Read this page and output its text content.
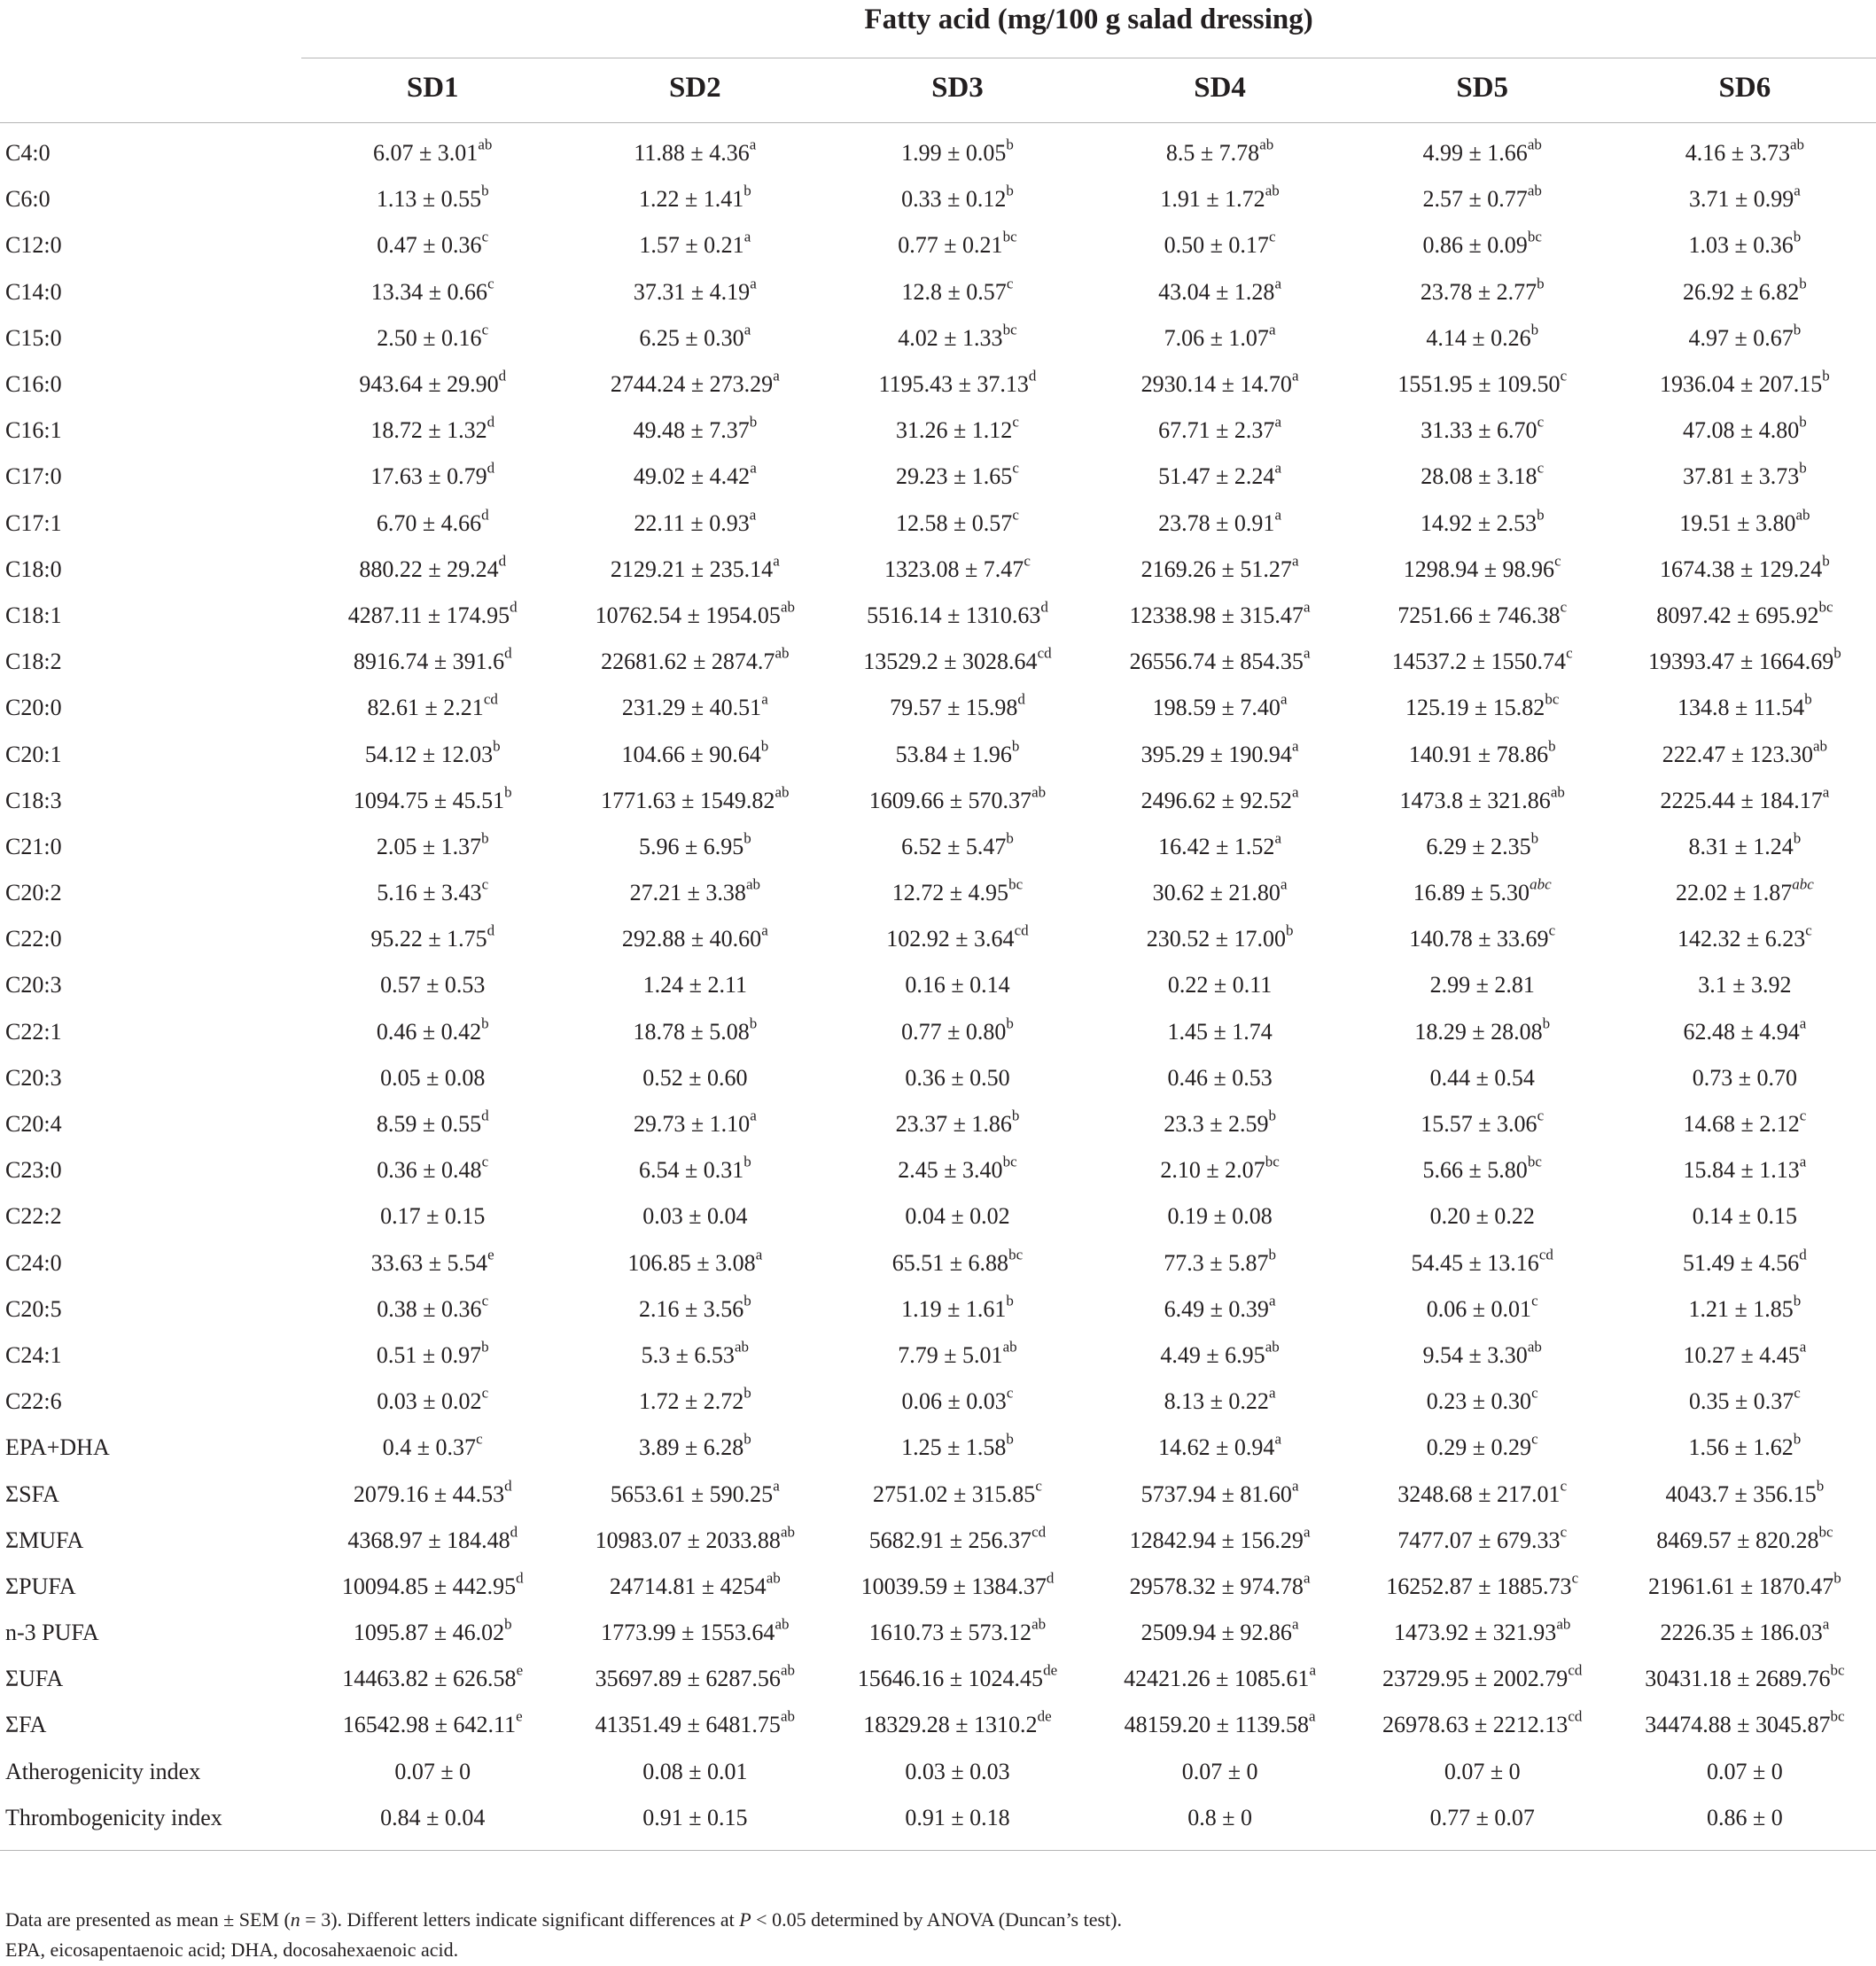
	Fatty acid (mg/100 g salad dressing)					

	SD1	SD2	SD3	SD4	SD5	SD6
C4:0	6.07 ± 3.01$^{ab}$	11.88 ± 4.36$^a$	1.99 ± 0.05$^b$	8.5 ± 7.78$^{ab}$	4.99 ± 1.66$^{ab}$	4.16 ± 3.73$^{ab}$
C6:0	1.13 ± 0.55$^b$	1.22 ± 1.41$^b$	0.33 ± 0.12$^b$	1.91 ± 1.72$^{ab}$	2.57 ± 0.77$^{ab}$	3.71 ± 0.99$^a$
C12:0	0.47 ± 0.36$^c$	1.57 ± 0.21$^a$	0.77 ± 0.21$^{bc}$	0.50 ± 0.17$^c$	0.86 ± 0.09$^{bc}$	1.03 ± 0.36$^b$
C14:0	13.34 ± 0.66$^c$	37.31 ± 4.19$^a$	12.8 ± 0.57$^c$	43.04 ± 1.28$^a$	23.78 ± 2.77$^b$	26.92 ± 6.82$^b$
C15:0	2.50 ± 0.16$^c$	6.25 ± 0.30$^a$	4.02 ± 1.33$^{bc}$	7.06 ± 1.07$^a$	4.14 ± 0.26$^b$	4.97 ± 0.67$^b$
C16:0	943.64 ± 29.90$^d$	2744.24 ± 273.29$^a$	1195.43 ± 37.13$^d$	2930.14 ± 14.70$^a$	1551.95 ± 109.50$^c$	1936.04 ± 207.15$^b$
C16:1	18.72 ± 1.32$^d$	49.48 ± 7.37$^b$	31.26 ± 1.12$^c$	67.71 ± 2.37$^a$	31.33 ± 6.70$^c$	47.08 ± 4.80$^b$
C17:0	17.63 ± 0.79$^d$	49.02 ± 4.42$^a$	29.23 ± 1.65$^c$	51.47 ± 2.24$^a$	28.08 ± 3.18$^c$	37.81 ± 3.73$^b$
C17:1	6.70 ± 4.66$^d$	22.11 ± 0.93$^a$	12.58 ± 0.57$^c$	23.78 ± 0.91$^a$	14.92 ± 2.53$^b$	19.51 ± 3.80$^{ab}$
C18:0	880.22 ± 29.24$^d$	2129.21 ± 235.14$^a$	1323.08 ± 7.47$^c$	2169.26 ± 51.27$^a$	1298.94 ± 98.96$^c$	1674.38 ± 129.24$^b$
C18:1	4287.11 ± 174.95$^d$	10762.54 ± 1954.05$^{ab}$	5516.14 ± 1310.63$^d$	12338.98 ± 315.47$^a$	7251.66 ± 746.38$^c$	8097.42 ± 695.92$^{bc}$
C18:2	8916.74 ± 391.6$^d$	22681.62 ± 2874.7$^{ab}$	13529.2 ± 3028.64$^{cd}$	26556.74 ± 854.35$^a$	14537.2 ± 1550.74$^c$	19393.47 ± 1664.69$^b$
C20:0	82.61 ± 2.21$^{cd}$	231.29 ± 40.51$^a$	79.57 ± 15.98$^d$	198.59 ± 7.40$^a$	125.19 ± 15.82$^{bc}$	134.8 ± 11.54$^b$
C20:1	54.12 ± 12.03$^b$	104.66 ± 90.64$^b$	53.84 ± 1.96$^b$	395.29 ± 190.94$^a$	140.91 ± 78.86$^b$	222.47 ± 123.30$^{ab}$
C18:3	1094.75 ± 45.51$^b$	1771.63 ± 1549.82$^{ab}$	1609.66 ± 570.37$^{ab}$	2496.62 ± 92.52$^a$	1473.8 ± 321.86$^{ab}$	2225.44 ± 184.17$^a$
C21:0	2.05 ± 1.37$^b$	5.96 ± 6.95$^b$	6.52 ± 5.47$^b$	16.42 ± 1.52$^a$	6.29 ± 2.35$^b$	8.31 ± 1.24$^b$
C20:2	5.16 ± 3.43$^c$	27.21 ± 3.38$^{ab}$	12.72 ± 4.95$^{bc}$	30.62 ± 21.80$^a$	16.89 ± 5.30$^{abc}$	22.02 ± 1.87$^{abc}$
C22:0	95.22 ± 1.75$^d$	292.88 ± 40.60$^a$	102.92 ± 3.64$^{cd}$	230.52 ± 17.00$^b$	140.78 ± 33.69$^c$	142.32 ± 6.23$^c$
C20:3	0.57 ± 0.53	1.24 ± 2.11	0.16 ± 0.14	0.22 ± 0.11	2.99 ± 2.81	3.1 ± 3.92
C22:1	0.46 ± 0.42$^b$	18.78 ± 5.08$^b$	0.77 ± 0.80$^b$	1.45 ± 1.74	18.29 ± 28.08$^b$	62.48 ± 4.94$^a$
C20:3	0.05 ± 0.08	0.52 ± 0.60	0.36 ± 0.50	0.46 ± 0.53	0.44 ± 0.54	0.73 ± 0.70
C20:4	8.59 ± 0.55$^d$	29.73 ± 1.10$^a$	23.37 ± 1.86$^b$	23.3 ± 2.59$^b$	15.57 ± 3.06$^c$	14.68 ± 2.12$^c$
C23:0	0.36 ± 0.48$^c$	6.54 ± 0.31$^b$	2.45 ± 3.40$^{bc}$	2.10 ± 2.07$^{bc}$	5.66 ± 5.80$^{bc}$	15.84 ± 1.13$^a$
C22:2	0.17 ± 0.15	0.03 ± 0.04	0.04 ± 0.02	0.19 ± 0.08	0.20 ± 0.22	0.14 ± 0.15
C24:0	33.63 ± 5.54$^e$	106.85 ± 3.08$^a$	65.51 ± 6.88$^{bc}$	77.3 ± 5.87$^b$	54.45 ± 13.16$^{cd}$	51.49 ± 4.56$^d$
C20:5	0.38 ± 0.36$^c$	2.16 ± 3.56$^b$	1.19 ± 1.61$^b$	6.49 ± 0.39$^a$	0.06 ± 0.01$^c$	1.21 ± 1.85$^b$
C24:1	0.51 ± 0.97$^b$	5.3 ± 6.53$^{ab}$	7.79 ± 5.01$^{ab}$	4.49 ± 6.95$^{ab}$	9.54 ± 3.30$^{ab}$	10.27 ± 4.45$^a$
C22:6	0.03 ± 0.02$^c$	1.72 ± 2.72$^b$	0.06 ± 0.03$^c$	8.13 ± 0.22$^a$	0.23 ± 0.30$^c$	0.35 ± 0.37$^c$
EPA+DHA	0.4 ± 0.37$^c$	3.89 ± 6.28$^b$	1.25 ± 1.58$^b$	14.62 ± 0.94$^a$	0.29 ± 0.29$^c$	1.56 ± 1.62$^b$
ΣSFA	2079.16 ± 44.53$^d$	5653.61 ± 590.25$^a$	2751.02 ± 315.85$^c$	5737.94 ± 81.60$^a$	3248.68 ± 217.01$^c$	4043.7 ± 356.15$^b$
ΣMUFA	4368.97 ± 184.48$^d$	10983.07 ± 2033.88$^{ab}$	5682.91 ± 256.37$^{cd}$	12842.94 ± 156.29$^a$	7477.07 ± 679.33$^c$	8469.57 ± 820.28$^{bc}$
ΣPUFA	10094.85 ± 442.95$^d$	$24714.81 \pm 4254^{ab}$	10039.59 ± 1384.37$^d$	29578.32 ± 974.78$^a$	16252.87 ± 1885.73$^c$	21961.61 ± 1870.47$^b$
n-3 PUFA	1095.87 ± 46.02$^b$	1773.99 ± 1553.64$^{ab}$	1610.73 ± 573.12$^{ab}$	2509.94 ± 92.86$^a$	1473.92 ± 321.93$^{ab}$	2226.35 ± 186.03$^a$
ΣUFA	14463.82 ± 626.58$^e$	35697.89 ± 6287.56$^{ab}$	15646.16 ± 1024.45de	42421.26 ± 1085.61$^a$	23729.95 ± 2002.79$^{cd}$	30431.18 ± 2689.76$^{bc}$
ΣFA	16542.98 ± 642.11$^e$	41351.49 ± 6481.75$^{ab}$	18329.28 ± 1310.2de	48159.20 ± 1139.58$^a$	26978.63 ± 2212.13$^{cd}$	34474.88 ± 3045.87$^{bc}$
Atherogenicity index	0.07 ± 0	0.08 ± 0.01	0.03 ± 0.03	0.07 ± 0	0.07 ± 0	0.07 ± 0
Thrombogenicity index	0.84 ± 0.04	0.91 ± 0.15	0.91 ± 0.18	0.8 ± 0	0.77 ± 0.07	0.86 ± 0

Data are presented as mean ± SEM (n = 3). Different letters indicate significant differences at P < 0.05 determined by ANOVA (Duncan’s test).

EPA, eicosapentaenoic acid; DHA, docosahexaenoic acid.
